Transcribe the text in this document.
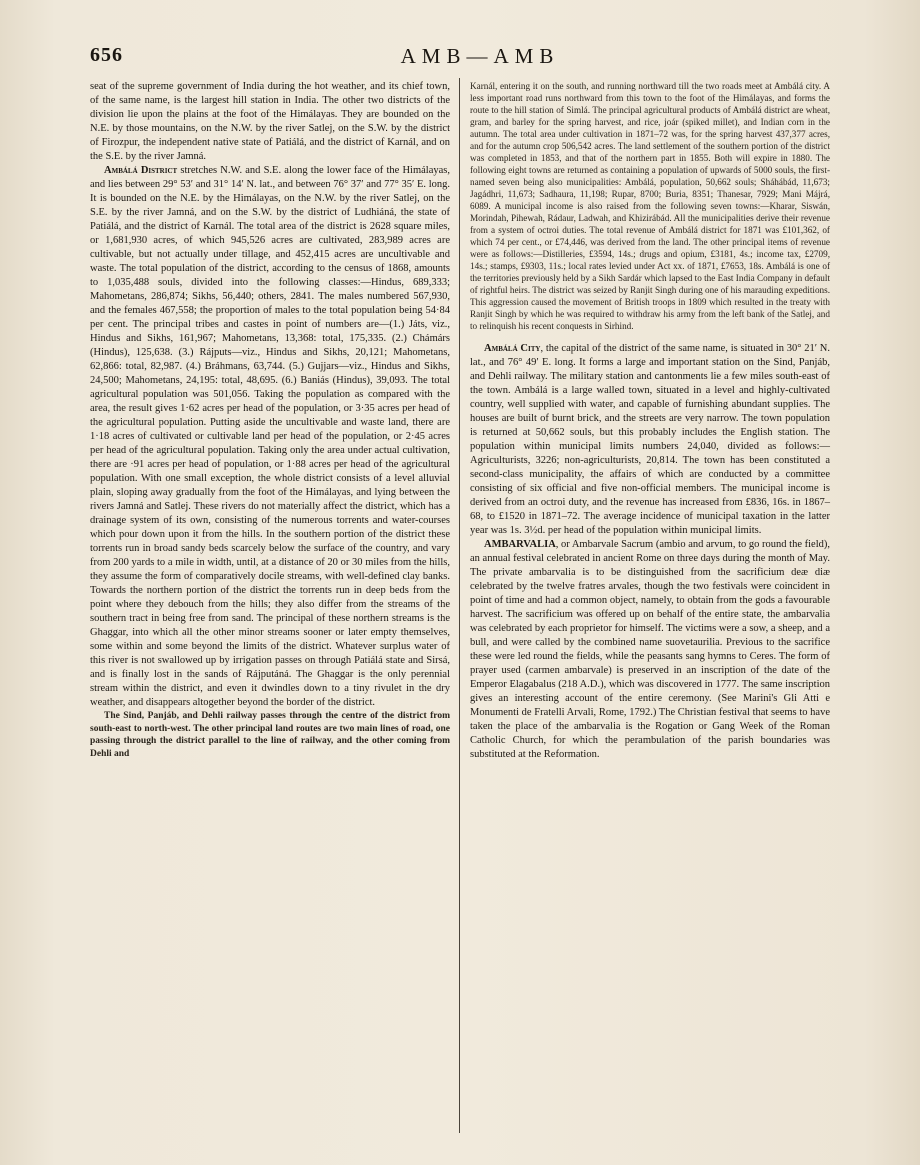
656	AMB—AMB

seat of the supreme government of India during the hot weather, and its chief town, of the same name, is the largest hill station in India. The other two districts of the division lie upon the plains at the foot of the Himálayas. They are bounded on the N.E. by those mountains, on the N.W. by the river Satlej, on the S.W. by the district of Firozpur, the independent native state of Patiálá, and the district of Karnál, and on the S.E. by the river Jamná.

Ambálá District stretches N.W. and S.E. along the lower face of the Himálayas, and lies between 29° 53′ and 31° 14′ N. lat., and between 76° 37′ and 77° 35′ E. long. It is bounded on the N.E. by the Himálayas, on the N.W. by the river Satlej, on the S.E. by the river Jamná, and on the S.W. by the district of Ludhiáná, the state of Patiálá, and the district of Karnál. The total area of the district is 2628 square miles, or 1,681,930 acres, of which 945,526 acres are cultivated, 283,989 acres are cultivable, but not actually under tillage, and 452,415 acres are uncultivable and waste. The total population of the district, according to the census of 1868, amounts to 1,035,488 souls, divided into the following classes:—Hindus, 689,333; Mahometans, 286,874; Sikhs, 56,440; others, 2841. The males numbered 567,930, and the females 467,558; the proportion of males to the total population being 54·84 per cent. The principal tribes and castes in point of numbers are—(1.) Játs, viz., Hindus and Sikhs, 161,967; Mahometans, 13,368: total, 175,335. (2.) Chámárs (Hindus), 125,638. (3.) Rájputs—viz., Hindus and Sikhs, 20,121; Mahometans, 62,866: total, 82,987. (4.) Bráhmans, 63,744. (5.) Gujjars—viz., Hindus and Sikhs, 24,500; Mahometans, 24,195: total, 48,695. (6.) Baniás (Hindus), 39,093. The total agricultural population was 501,056. Taking the population as compared with the area, the result gives 1·62 acres per head of the population, or 3·35 acres per head of the agricultural population. Putting aside the uncultivable and waste land, there are 1·18 acres of cultivated or cultivable land per head of the population, or 2·45 acres per head of the agricultural population. Taking only the area under actual cultivation, there are ·91 acres per head of population, or 1·88 acres per head of the agricultural population. With one small exception, the whole district consists of a level alluvial plain, sloping away gradually from the foot of the Himálayas, and lying between the rivers Jamná and Satlej. These rivers do not materially affect the district, which has a drainage system of its own, consisting of the numerous torrents and water-courses which pour down upon it from the hills. In the southern portion of the district these torrents run in broad sandy beds scarcely below the surface of the country, and vary from 200 yards to a mile in width, until, at a distance of 20 or 30 miles from the hills, they assume the form of comparatively docile streams, with well-defined clay banks. Towards the northern portion of the district the torrents run in deep beds from the point where they debouch from the hills; they also differ from the streams of the southern tract in being free from sand. The principal of these northern streams is the Ghaggar, into which all the other minor streams sooner or later empty themselves, some within and some beyond the limits of the district. Whatever surplus water of this river is not swallowed up by irrigation passes on through Patiálá state and Sirsá, and is finally lost in the sands of Rájputáná. The Ghaggar is the only perennial stream within the district, and even it dwindles down to a tiny rivulet in the dry weather, and disappears altogether beyond the border of the district.

The Sind, Panjáb, and Dehli railway passes through the centre of the district from south-east to north-west. The other principal land routes are two main lines of road, one passing through the district parallel to the line of railway, and the other coming from Dehli and

Karnál, entering it on the south, and running northward till the two roads meet at Ambálá city. A less important road runs northward from this town to the foot of the Himálayas, and forms the route to the hill station of Simlá. The principal agricultural products of Ambálá district are wheat, gram, and barley for the spring harvest, and rice, joár (spiked millet), and Indian corn in the autumn. The total area under cultivation in 1871–72 was, for the spring harvest 437,377 acres, and for the autumn crop 506,542 acres. The land settlement of the southern portion of the district was completed in 1853, and that of the northern part in 1855. Both will expire in 1880. The following eight towns are returned as containing a population of upwards of 5000 souls, the first-named seven being also municipalities: Ambálá, population, 50,662 souls; Sháhábád, 11,673; Jagádhri, 11,673; Sadhaura, 11,198; Rupar, 8700; Buria, 8351; Thanesar, 7929; Mani Májrá, 6089. A municipal income is also raised from the following seven towns:—Kharar, Siswán, Morindah, Pihewah, Rádaur, Ladwah, and Khizirábád. All the municipalities derive their revenue from a system of octroi duties. The total revenue of Ambálá district for 1871 was £101,362, of which 74 per cent., or £74,446, was derived from the land. The other principal items of revenue were as follows:—Distilleries, £3594, 14s.; drugs and opium, £3181, 4s.; income tax, £2709, 14s.; stamps, £9303, 11s.; local rates levied under Act xx. of 1871, £7653, 18s. Ambálá is one of the territories previously held by a Sikh Sardár which lapsed to the East India Company in default of rightful heirs. The district was seized by Ranjit Singh during one of his marauding expeditions. This aggression caused the movement of British troops in 1809 which resulted in the treaty with Ranjit Singh by which he was required to withdraw his army from the left bank of the Satlej, and to relinquish his recent conquests in Sirhind.

Ambálá City, the capital of the district of the same name, is situated in 30° 21′ N. lat., and 76° 49′ E. long. It forms a large and important station on the Sind, Panjáb, and Dehli railway. The military station and cantonments lie a few miles south-east of the town. Ambálá is a large walled town, situated in a level and highly-cultivated country, well supplied with water, and capable of furnishing abundant supplies. The houses are built of burnt brick, and the streets are very narrow. The town population is returned at 50,662 souls, but this probably includes the English station. The population within municipal limits numbers 24,040, divided as follows:—Agriculturists, 3226; non-agriculturists, 20,814. The town has been constituted a second-class municipality, the affairs of which are conducted by a committee consisting of six official and five non-official members. The municipal income is derived from an octroi duty, and the revenue has increased from £836, 16s. in 1867–68, to £1520 in 1871–72. The average incidence of municipal taxation in the latter year was 1s. 3½d. per head of the population within municipal limits.

AMBARVALIA, or Ambarvale Sacrum (ambio and arvum, to go round the field), an annual festival celebrated in ancient Rome on three days during the month of May. The private ambarvalia is to be distinguished from the sacrificium deæ diæ celebrated by the twelve fratres arvales, though the two festivals were coincident in point of time and had a common object, namely, to obtain from the gods a favourable harvest. The sacrificium was offered up on behalf of the entire state, the ambarvalia was celebrated by each proprietor for himself. The victims were a sow, a sheep, and a bull, and were called by the combined name suovetaurilia. Previous to the sacrifice these were led round the fields, while the peasants sang hymns to Ceres. The form of prayer used (carmen ambarvale) is preserved in an inscription of the date of the Emperor Elagabalus (218 A.D.), which was discovered in 1777. The same inscription gives an interesting account of the entire ceremony. (See Marini's Gli Atti e Monumenti de Fratelli Arvali, Rome, 1792.) The Christian festival that seems to have taken the place of the ambarvalia is the Rogation or Gang Week of the Roman Catholic Church, for which the perambulation of the parish boundaries was substituted at the Reformation.
